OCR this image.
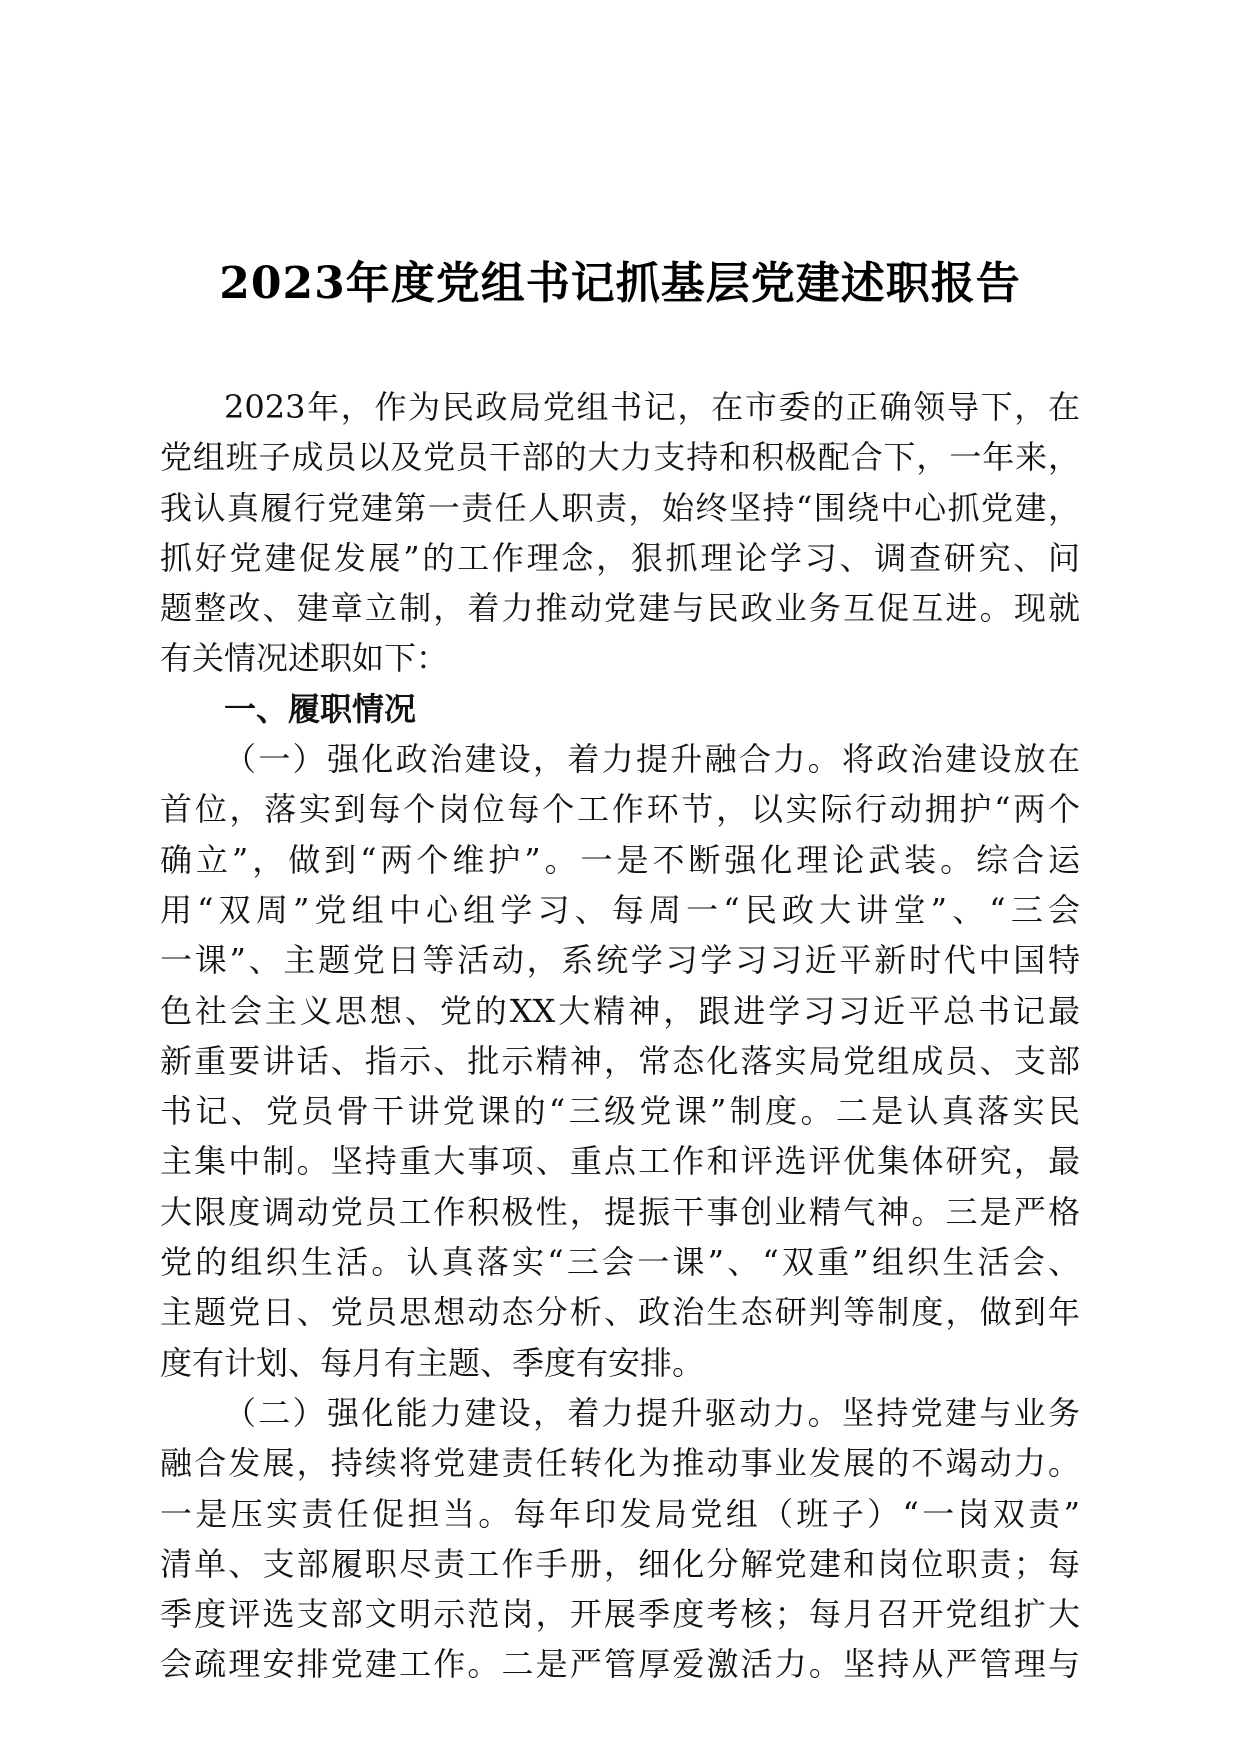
2023年度党组书记抓基层党建述职报告
2023年，作为民政局党组书记，在市委的正确领导下，在
党组班子成员以及党员干部的大力支持和积极配合下，一年来，
我认真履行党建第一责任人职责，始终坚持“围绕中心抓党建，
抓好党建促发展”的工作理念，狠抓理论学习、调查研究、问
题整改、建章立制，着力推动党建与民政业务互促互进。现就
有关情况述职如下：
一、履职情况
（一）强化政治建设，着力提升融合力。将政治建设放在
首位，落实到每个岗位每个工作环节，以实际行动拥护“两个
确立”，做到“两个维护”。一是不断强化理论武装。综合运
用“双周”党组中心组学习、每周一“民政大讲堂”、“三会
一课”、主题党日等活动，系统学习学习习近平新时代中国特
色社会主义思想、党的XX大精神，跟进学习习近平总书记最
新重要讲话、指示、批示精神，常态化落实局党组成员、支部
书记、党员骨干讲党课的“三级党课”制度。二是认真落实民
主集中制。坚持重大事项、重点工作和评选评优集体研究，最
大限度调动党员工作积极性，提振干事创业精气神。三是严格
党的组织生活。认真落实“三会一课”、“双重”组织生活会、
主题党日、党员思想动态分析、政治生态研判等制度，做到年
度有计划、每月有主题、季度有安排。
（二）强化能力建设，着力提升驱动力。坚持党建与业务
融合发展，持续将党建责任转化为推动事业发展的不竭动力。
一是压实责任促担当。每年印发局党组（班子）“一岗双责”
清单、支部履职尽责工作手册，细化分解党建和岗位职责；每
季度评选支部文明示范岗，开展季度考核；每月召开党组扩大
会疏理安排党建工作。二是严管厚爱激活力。坚持从严管理与
